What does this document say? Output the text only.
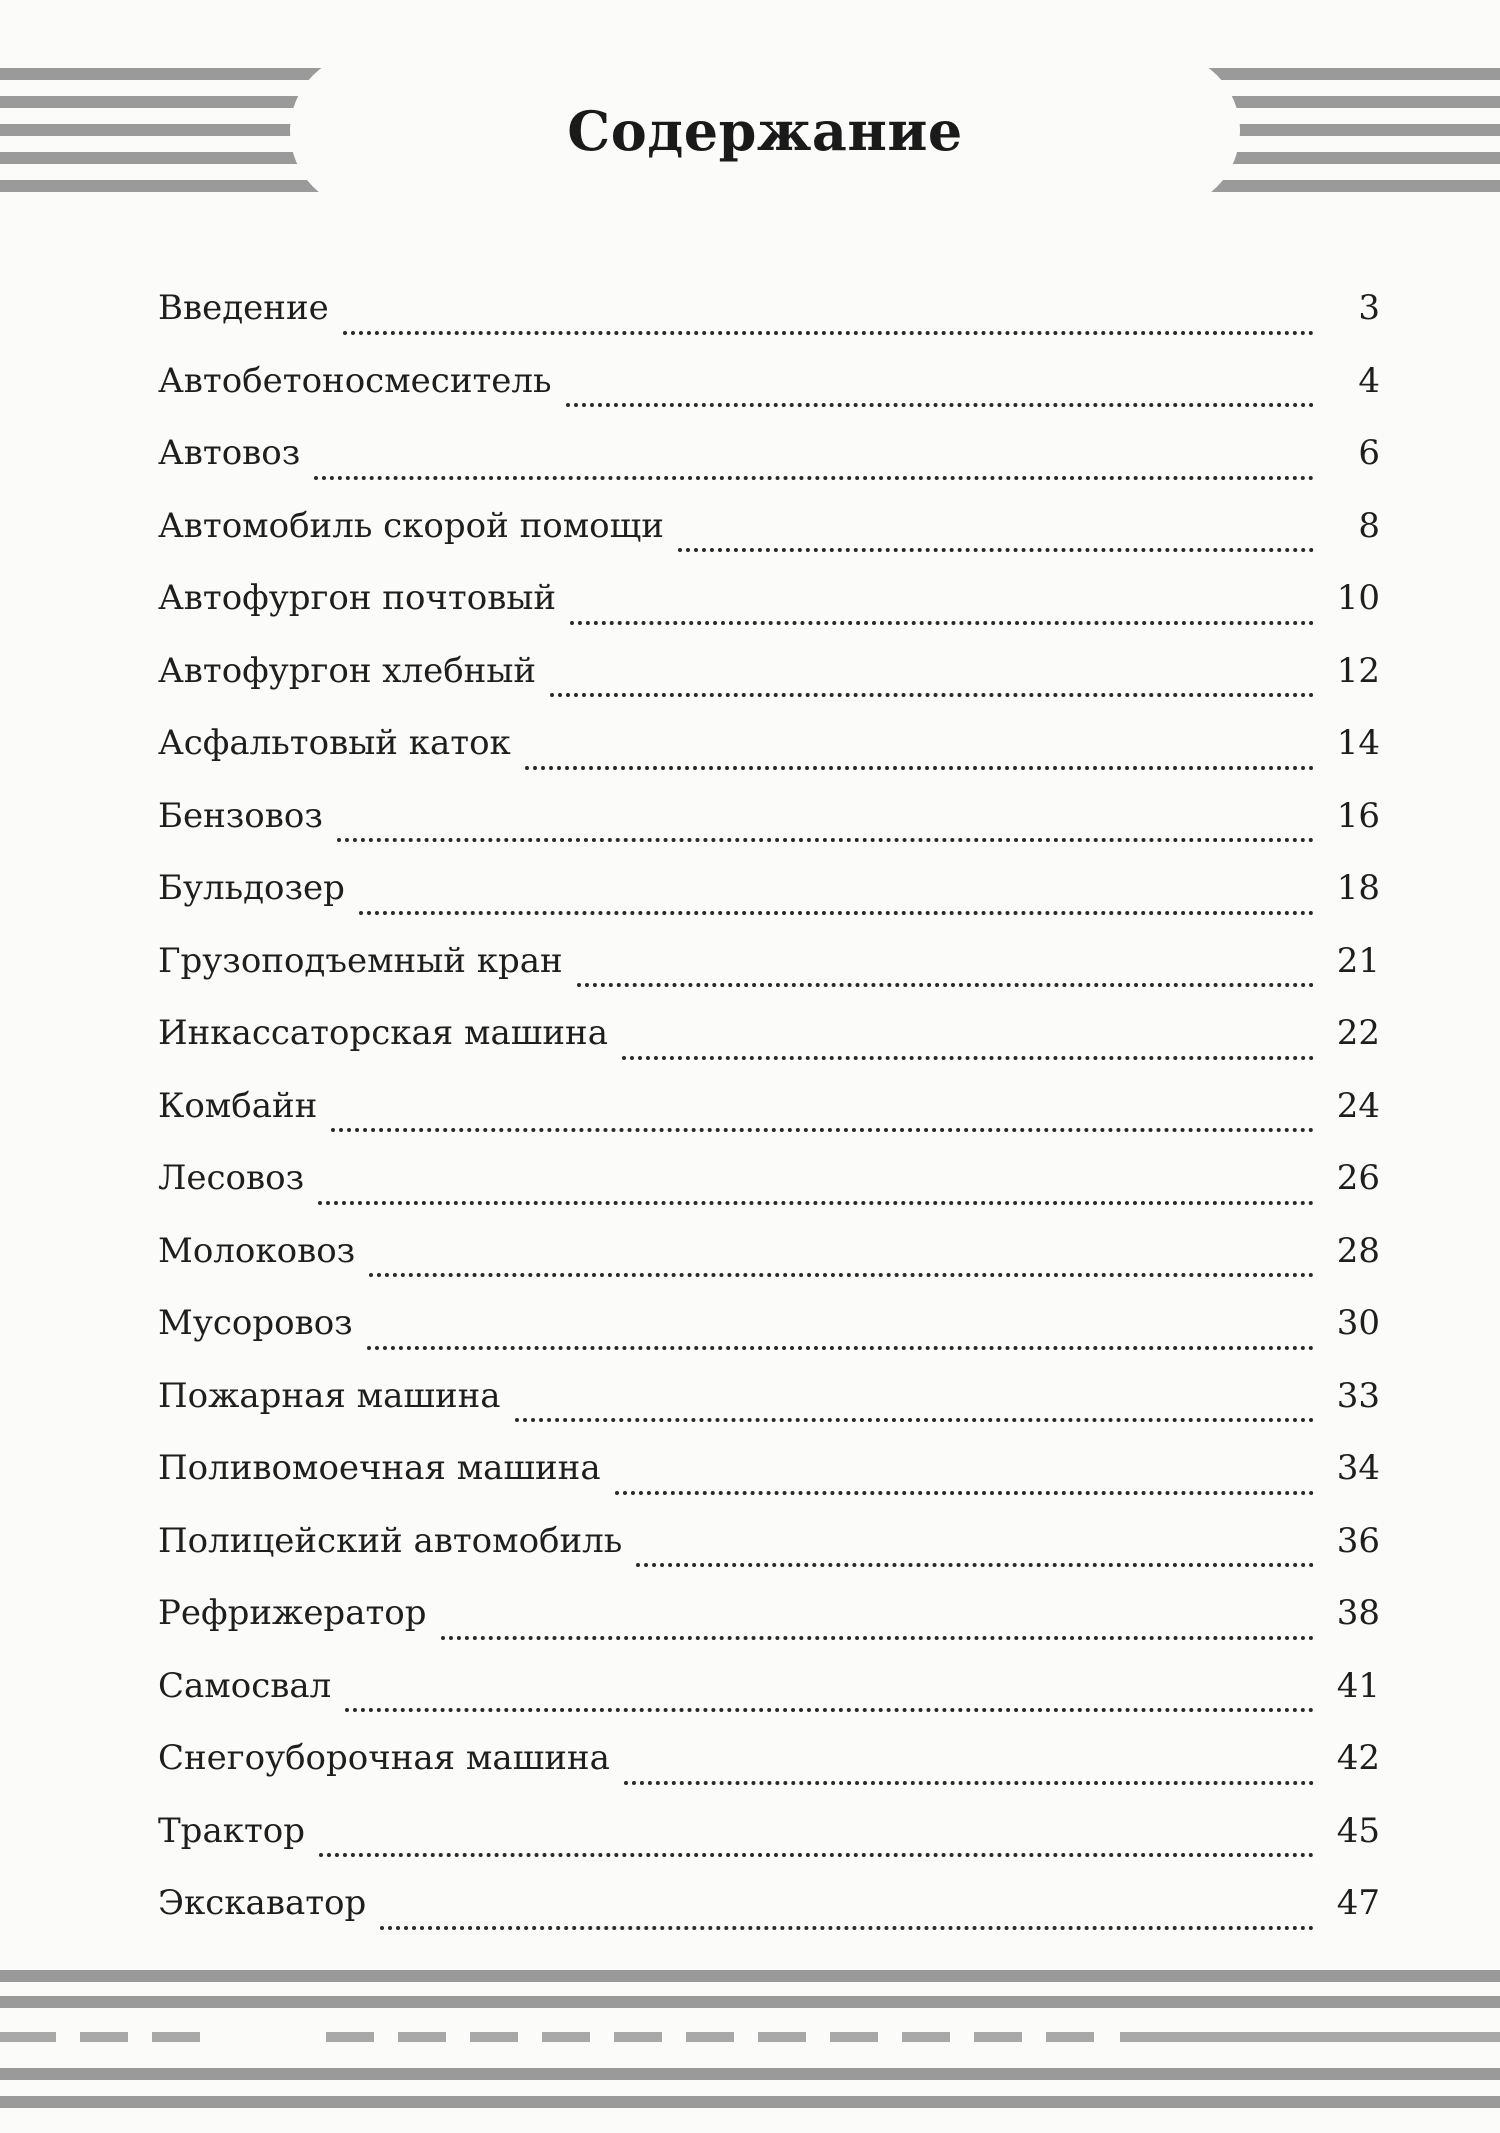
Содержание
Введение	3
Автобетоносмеситель	4
Автовоз	6
Автомобиль скорой помощи	8
Автофургон почтовый	10
Автофургон хлебный	12
Асфальтовый каток	14
Бензовоз	16
Бульдозер	18
Грузоподъемный кран	21
Инкассаторская машина	22
Комбайн	24
Лесовоз	26
Молоковоз	28
Мусоровоз	30
Пожарная машина	33
Поливомоечная машина	34
Полицейский автомобиль	36
Рефрижератор	38
Самосвал	41
Снегоуборочная машина	42
Трактор	45
Экскаватор	47
